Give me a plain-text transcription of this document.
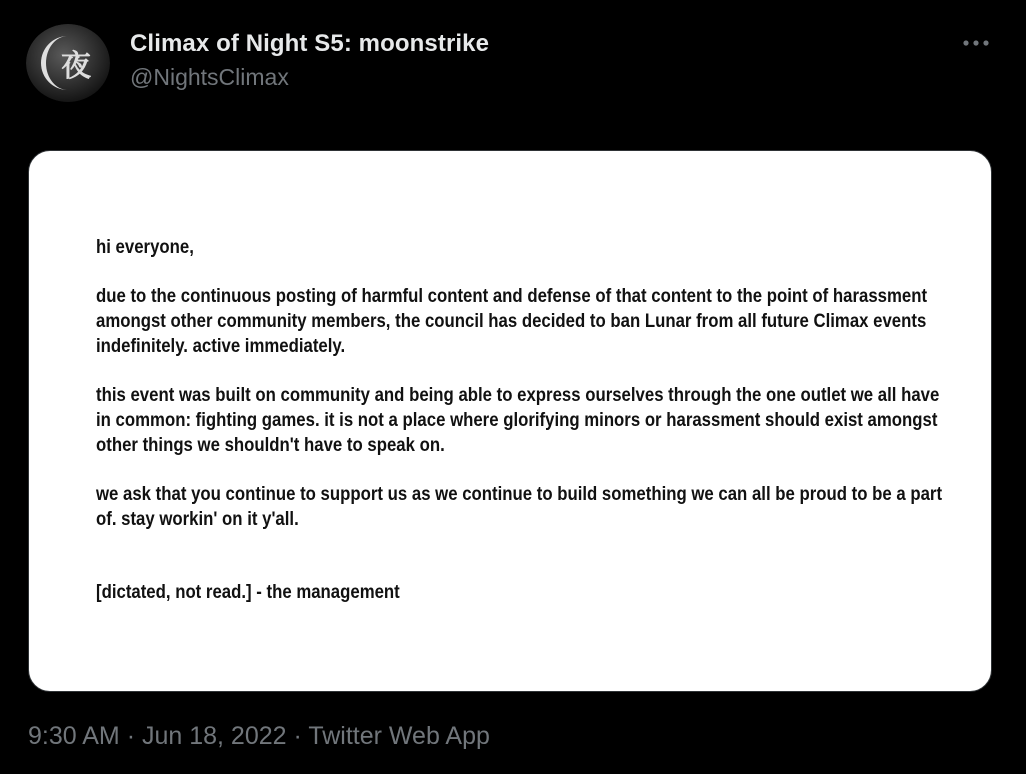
夜
Climax of Night S5: moonstrike
@NightsClimax

hi everyone,

due to the continuous posting of harmful content and defense of that content to the point of harassment amongst other community members, the council has decided to ban Lunar from all future Climax events indefinitely. active immediately.

this event was built on community and being able to express ourselves through the one outlet we all have in common: fighting games. it is not a place where glorifying minors or harassment should exist amongst other things we shouldn't have to speak on.

we ask that you continue to support us as we continue to build something we can all be proud to be a part of. stay workin' on it y'all.

[dictated, not read.] - the management

9:30 AM · Jun 18, 2022 · Twitter Web App
